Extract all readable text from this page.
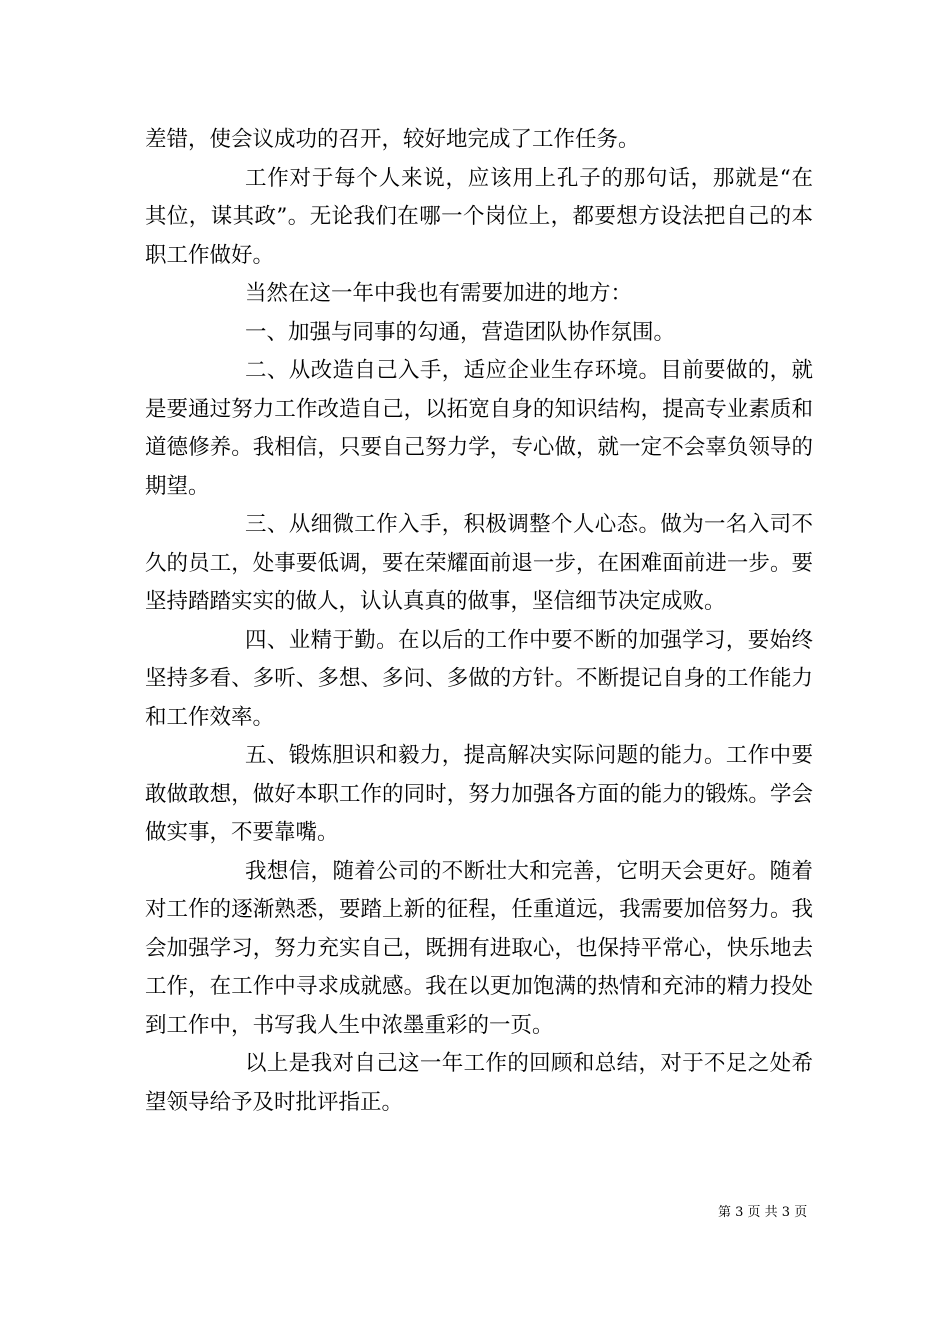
差错，使会议成功的召开，较好地完成了工作任务。

工作对于每个人来说，应该用上孔子的那句话，那就是“在其位，谋其政”。无论我们在哪一个岗位上，都要想方设法把自己的本职工作做好。

当然在这一年中我也有需要加进的地方：

一、加强与同事的勾通，营造团队协作氛围。

二、从改造自己入手，适应企业生存环境。目前要做的，就是要通过努力工作改造自己，以拓宽自身的知识结构，提高专业素质和道德修养。我相信，只要自己努力学，专心做，就一定不会辜负领导的期望。

三、从细微工作入手，积极调整个人心态。做为一名入司不久的员工，处事要低调，要在荣耀面前退一步，在困难面前进一步。要坚持踏踏实实的做人，认认真真的做事，坚信细节决定成败。

四、业精于勤。在以后的工作中要不断的加强学习，要始终坚持多看、多听、多想、多问、多做的方针。不断提记自身的工作能力和工作效率。

五、锻炼胆识和毅力，提高解决实际问题的能力。工作中要敢做敢想，做好本职工作的同时，努力加强各方面的能力的锻炼。学会做实事，不要靠嘴。

我想信，随着公司的不断壮大和完善，它明天会更好。随着对工作的逐渐熟悉，要踏上新的征程，任重道远，我需要加倍努力。我会加强学习，努力充实自己，既拥有进取心，也保持平常心，快乐地去工作，在工作中寻求成就感。我在以更加饱满的热情和充沛的精力投处到工作中，书写我人生中浓墨重彩的一页。

以上是我对自己这一年工作的回顾和总结，对于不足之处希望领导给予及时批评指正。

第 3 页 共 3 页
